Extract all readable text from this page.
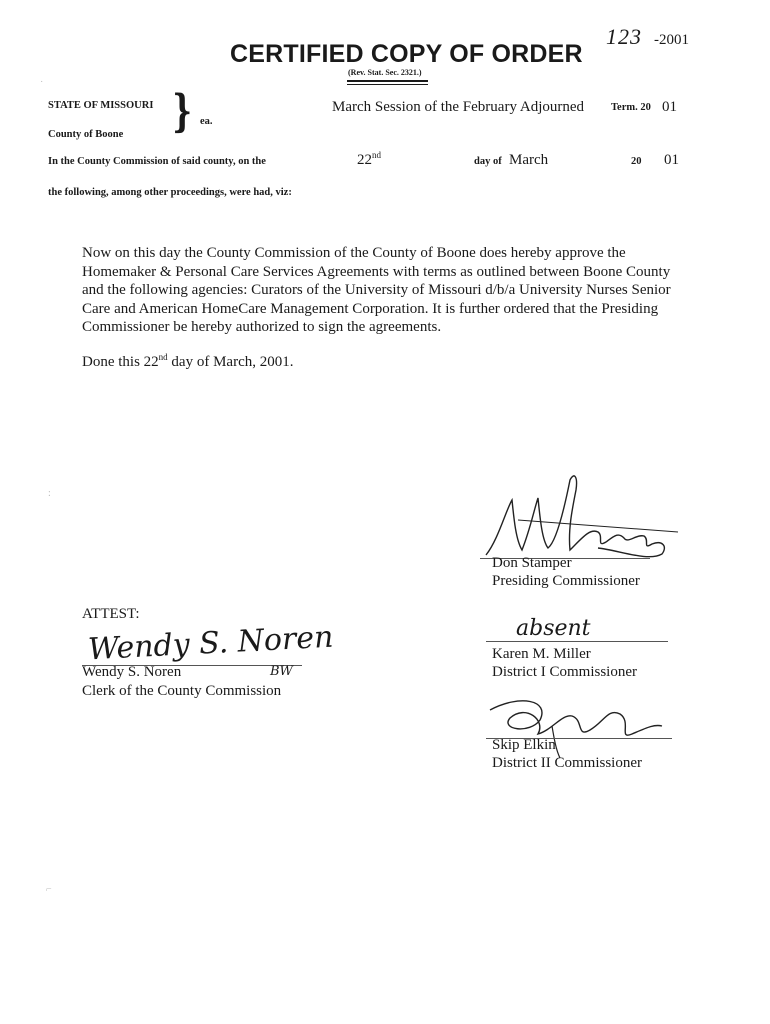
123 -2001
CERTIFIED COPY OF ORDER
(Rev. Stat. Sec. 2321.)
STATE OF MISSOURI
County of Boone } ea.
March Session of the February Adjourned	Term. 20 01
In the County Commission of said county, on the	22nd
day of March	20 01
the following, among other proceedings, were had, viz:
Now on this day the County Commission of the County of Boone does hereby approve the
Homemaker & Personal Care Services Agreements with terms as outlined between Boone County
and the following agencies: Curators of the University of Missouri d/b/a University Nurses Senior
Care and American HomeCare Management Corporation. It is further ordered that the Presiding
Commissioner be hereby authorized to sign the agreements.
Done this 22nd day of March, 2001.
Don Stamper
Presiding Commissioner
ATTEST:
Wendy S. Noren
Wendy S. Noren	BW
Clerk of the County Commission
absent
Karen M. Miller
District I Commissioner
Skip Elkin
District II Commissioner
˙
:
⌐
